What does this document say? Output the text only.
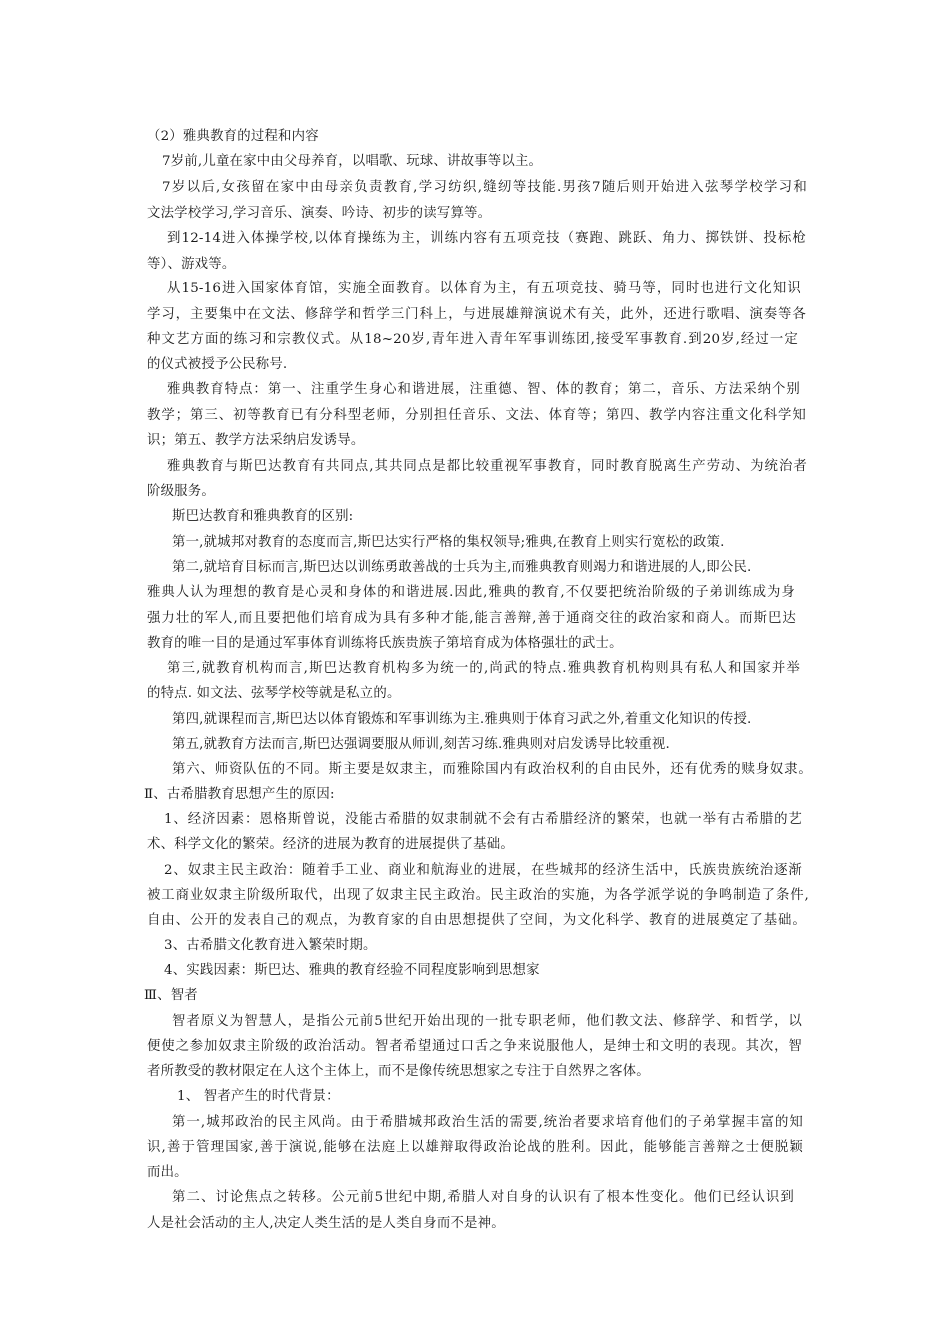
（2）雅典教育的过程和内容
7岁前,儿童在家中由父母养育，以唱歌、玩球、讲故事等以主。
7岁以后,女孩留在家中由母亲负责教育,学习纺织,缝纫等技能.男孩7随后则开始进入弦琴学校学习和
文法学校学习,学习音乐、演奏、吟诗、初步的读写算等。
到12-14进入体操学校,以体育操练为主，训练内容有五项竞技（赛跑、跳跃、角力、掷铁饼、投标枪
等）、游戏等。
从15-16进入国家体育馆，实施全面教育。以体育为主，有五项竞技、骑马等，同时也进行文化知识
学习，主要集中在文法、修辞学和哲学三门科上，与进展雄辩演说术有关，此外，还进行歌唱、演奏等各
种文艺方面的练习和宗教仪式。从18~20岁,青年进入青年军事训练团,接受军事教育.到20岁,经过一定
的仪式被授予公民称号.
雅典教育特点：第一、注重学生身心和谐进展，注重德、智、体的教育；第二，音乐、方法采纳个别
教学；第三、初等教育已有分科型老师，分别担任音乐、文法、体育等；第四、教学内容注重文化科学知
识；第五、教学方法采纳启发诱导。
雅典教育与斯巴达教育有共同点,其共同点是都比较重视军事教育，同时教育脱离生产劳动、为统治者
阶级服务。
斯巴达教育和雅典教育的区别:
第一,就城邦对教育的态度而言,斯巴达实行严格的集权领导;雅典,在教育上则实行宽松的政策.
第二,就培育目标而言,斯巴达以训练勇敢善战的士兵为主,而雅典教育则竭力和谐进展的人,即公民.
雅典人认为理想的教育是心灵和身体的和谐进展.因此,雅典的教育,不仅要把统治阶级的子弟训练成为身
强力壮的军人,而且要把他们培育成为具有多种才能,能言善辩,善于通商交往的政治家和商人。而斯巴达
教育的唯一目的是通过军事体育训练将氏族贵族子第培育成为体格强壮的武士。
第三,就教育机构而言,斯巴达教育机构多为统一的,尚武的特点.雅典教育机构则具有私人和国家并举
的特点. 如文法、弦琴学校等就是私立的。
第四,就课程而言,斯巴达以体育锻炼和军事训练为主.雅典则于体育习武之外,着重文化知识的传授.
第五,就教育方法而言,斯巴达强调要服从师训,刻苦习练.雅典则对启发诱导比较重视.
第六、师资队伍的不同。斯主要是奴隶主，而雅除国内有政治权利的自由民外，还有优秀的赎身奴隶。
Ⅱ、古希腊教育思想产生的原因:
1、经济因素：恩格斯曾说，没能古希腊的奴隶制就不会有古希腊经济的繁荣，也就一举有古希腊的艺
术、科学文化的繁荣。经济的进展为教育的进展提供了基础。
2、奴隶主民主政治：随着手工业、商业和航海业的进展，在些城邦的经济生活中，氏族贵族统治逐渐
被工商业奴隶主阶级所取代，出现了奴隶主民主政治。民主政治的实施，为各学派学说的争鸣制造了条件,
自由、公开的发表自己的观点，为教育家的自由思想提供了空间，为文化科学、教育的进展奠定了基础。
3、古希腊文化教育进入繁荣时期。
4、实践因素：斯巴达、雅典的教育经验不同程度影响到思想家
Ⅲ、智者
智者原义为智慧人，是指公元前5世纪开始出现的一批专职老师，他们教文法、修辞学、和哲学，以
便使之参加奴隶主阶级的政治活动。智者希望通过口舌之争来说服他人，是绅士和文明的表现。其次，智
者所教受的教材限定在人这个主体上，而不是像传统思想家之专注于自然界之客体。
1、 智者产生的时代背景：
第一,城邦政治的民主风尚。由于希腊城邦政治生活的需要,统治者要求培育他们的子弟掌握丰富的知
识,善于管理国家,善于演说,能够在法庭上以雄辩取得政治论战的胜利。因此，能够能言善辩之士便脱颖
而出。
第二、讨论焦点之转移。公元前5世纪中期,希腊人对自身的认识有了根本性变化。他们已经认识到
人是社会活动的主人,决定人类生活的是人类自身而不是神。
